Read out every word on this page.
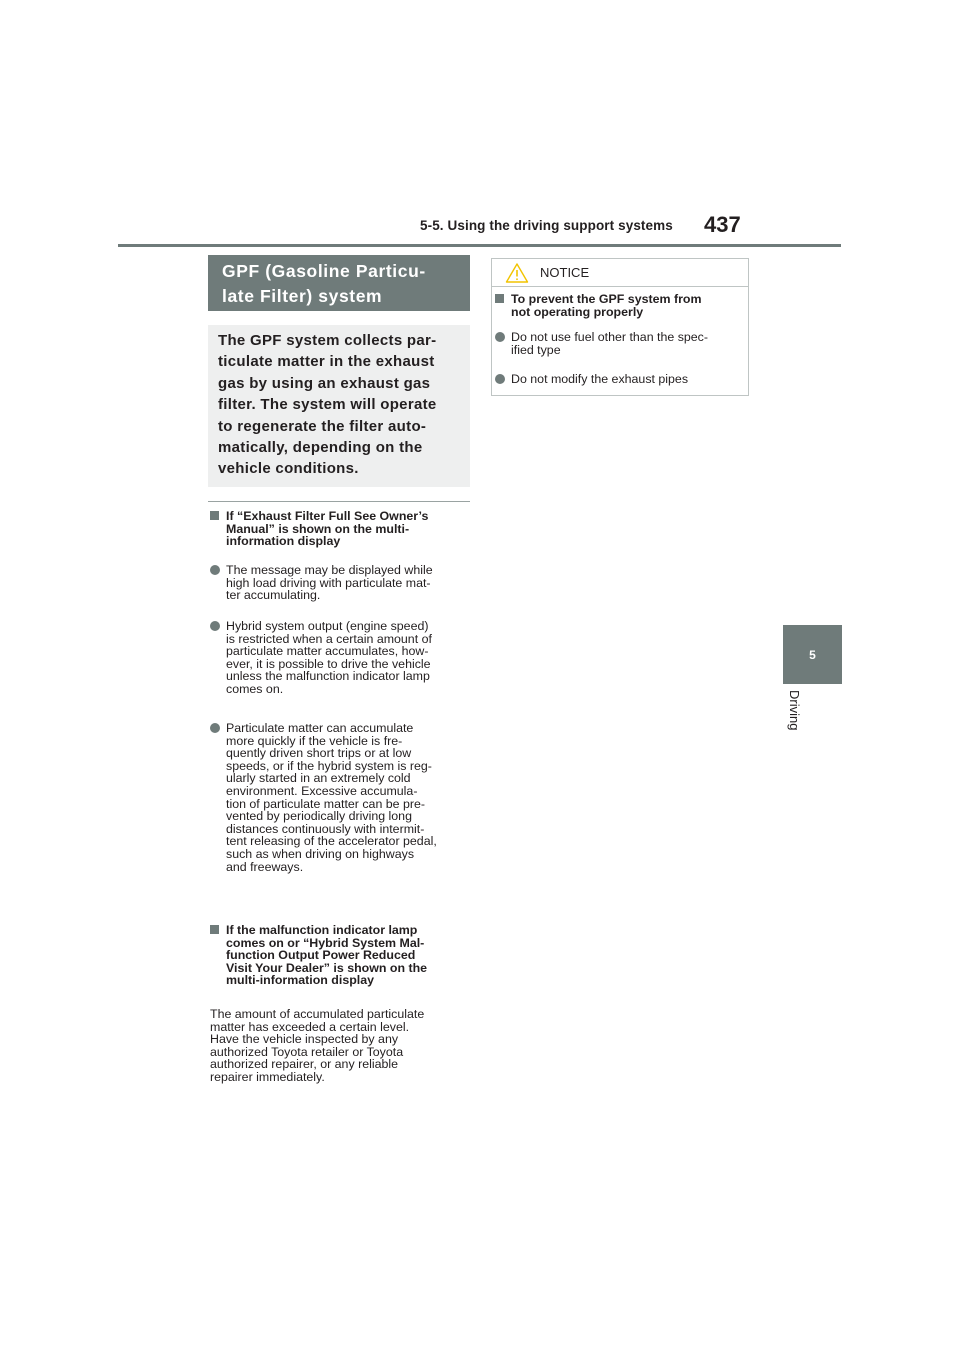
5-5. Using the driving support systems 437
5
Driving
GPF (Gasoline Particu-
late Filter) system
The GPF system collects par-
ticulate matter in the exhaust
gas by using an exhaust gas
filter. The system will operate
to regenerate the filter auto-
matically, depending on the
vehicle conditions.
If “Exhaust Filter Full See Owner’s
Manual” is shown on the multi-
information display
The message may be displayed while
high load driving with particulate mat-
ter accumulating.
Hybrid system output (engine speed)
is restricted when a certain amount of
particulate matter accumulates, how-
ever, it is possible to drive the vehicle
unless the malfunction indicator lamp
comes on.
Particulate matter can accumulate
more quickly if the vehicle is fre-
quently driven short trips or at low
speeds, or if the hybrid system is reg-
ularly started in an extremely cold
environment. Excessive accumula-
tion of particulate matter can be pre-
vented by periodically driving long
distances continuously with intermit-
tent releasing of the accelerator pedal,
such as when driving on highways
and freeways.
If the malfunction indicator lamp
comes on or “Hybrid System Mal-
function Output Power Reduced
Visit Your Dealer” is shown on the
multi-information display
The amount of accumulated particulate
matter has exceeded a certain level.
Have the vehicle inspected by any
authorized Toyota retailer or Toyota
authorized repairer, or any reliable
repairer immediately.
NOTICE
To prevent the GPF system from
not operating properly
Do not use fuel other than the spec-
ified type
Do not modify the exhaust pipes
